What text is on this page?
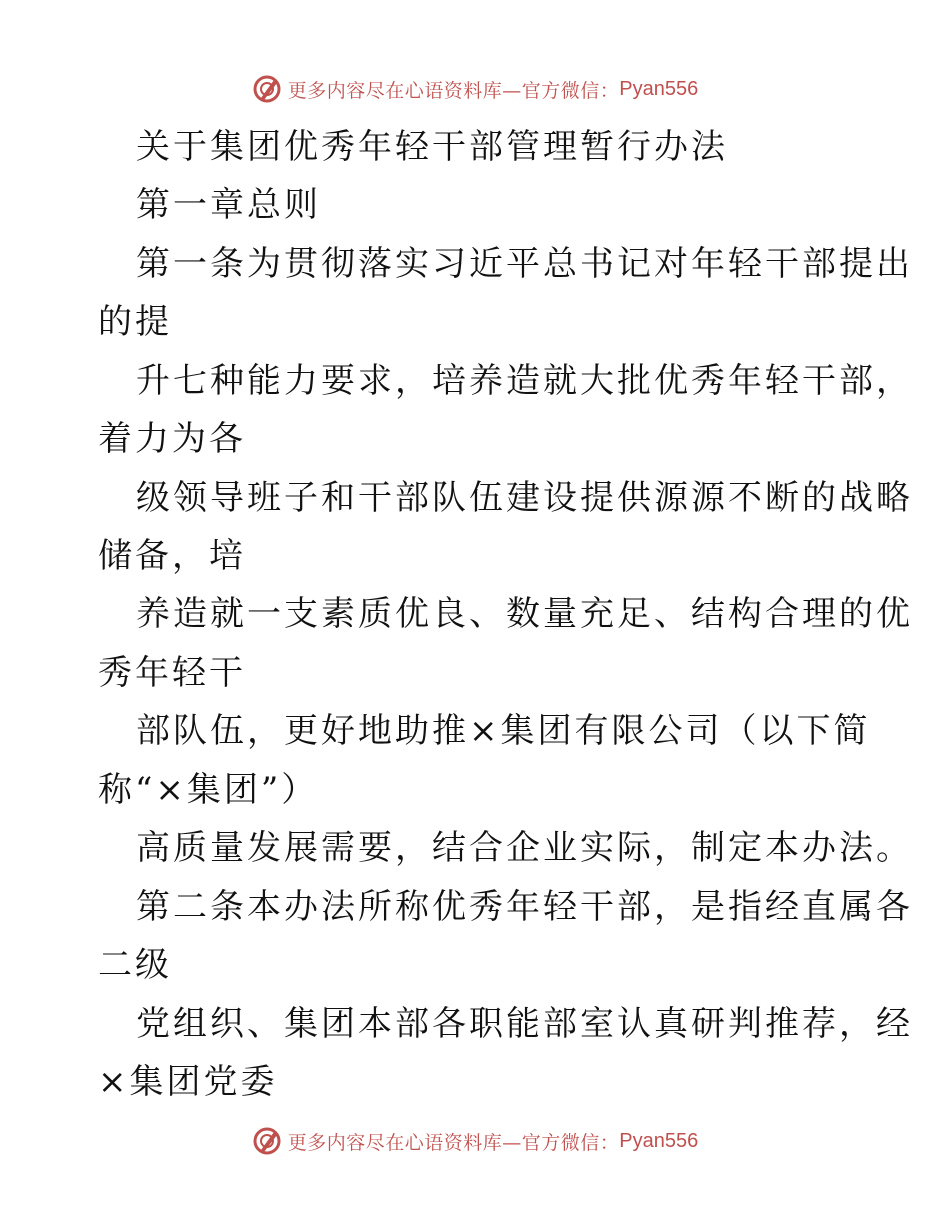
更多内容尽在心语资料库—官方微信： Pyan556
关于集团优秀年轻干部管理暂行办法
第一章总则
第一条为贯彻落实习近平总书记对年轻干部提出
的提
升七种能力要求，培养造就大批优秀年轻干部，
着力为各
级领导班子和干部队伍建设提供源源不断的战略
储备，培
养造就一支素质优良、数量充足、结构合理的优
秀年轻干
部队伍，更好地助推×集团有限公司（以下简
称“×集团”）
高质量发展需要，结合企业实际，制定本办法。
第二条本办法所称优秀年轻干部，是指经直属各
二级
党组织、集团本部各职能部室认真研判推荐，经
×集团党委
更多内容尽在心语资料库—官方微信： Pyan556
